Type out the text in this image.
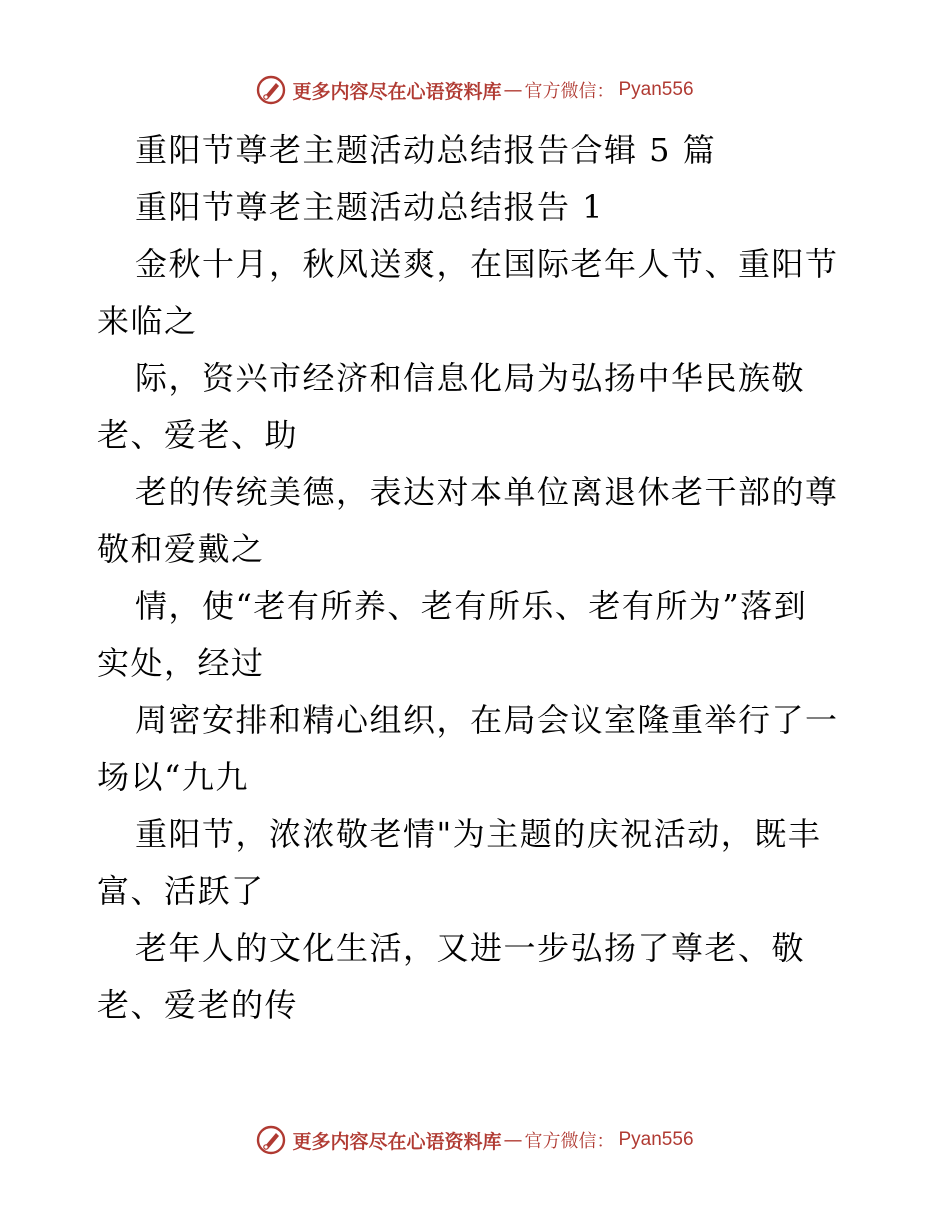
更多内容尽在心语资料库 — 官方微信： Pyan556
重阳节尊老主题活动总结报告合辑 5 篇
重阳节尊老主题活动总结报告 1
金秋十月，秋风送爽，在国际老年人节、重阳节
来临之
际，资兴市经济和信息化局为弘扬中华民族敬
老、爱老、助
老的传统美德，表达对本单位离退休老干部的尊
敬和爱戴之
情，使“老有所养、老有所乐、老有所为”落到
实处，经过
周密安排和精心组织，在局会议室隆重举行了一
场以“九九
重阳节，浓浓敬老情"为主题的庆祝活动，既丰
富、活跃了
老年人的文化生活，又进一步弘扬了尊老、敬
老、爱老的传
更多内容尽在心语资料库 — 官方微信： Pyan556
